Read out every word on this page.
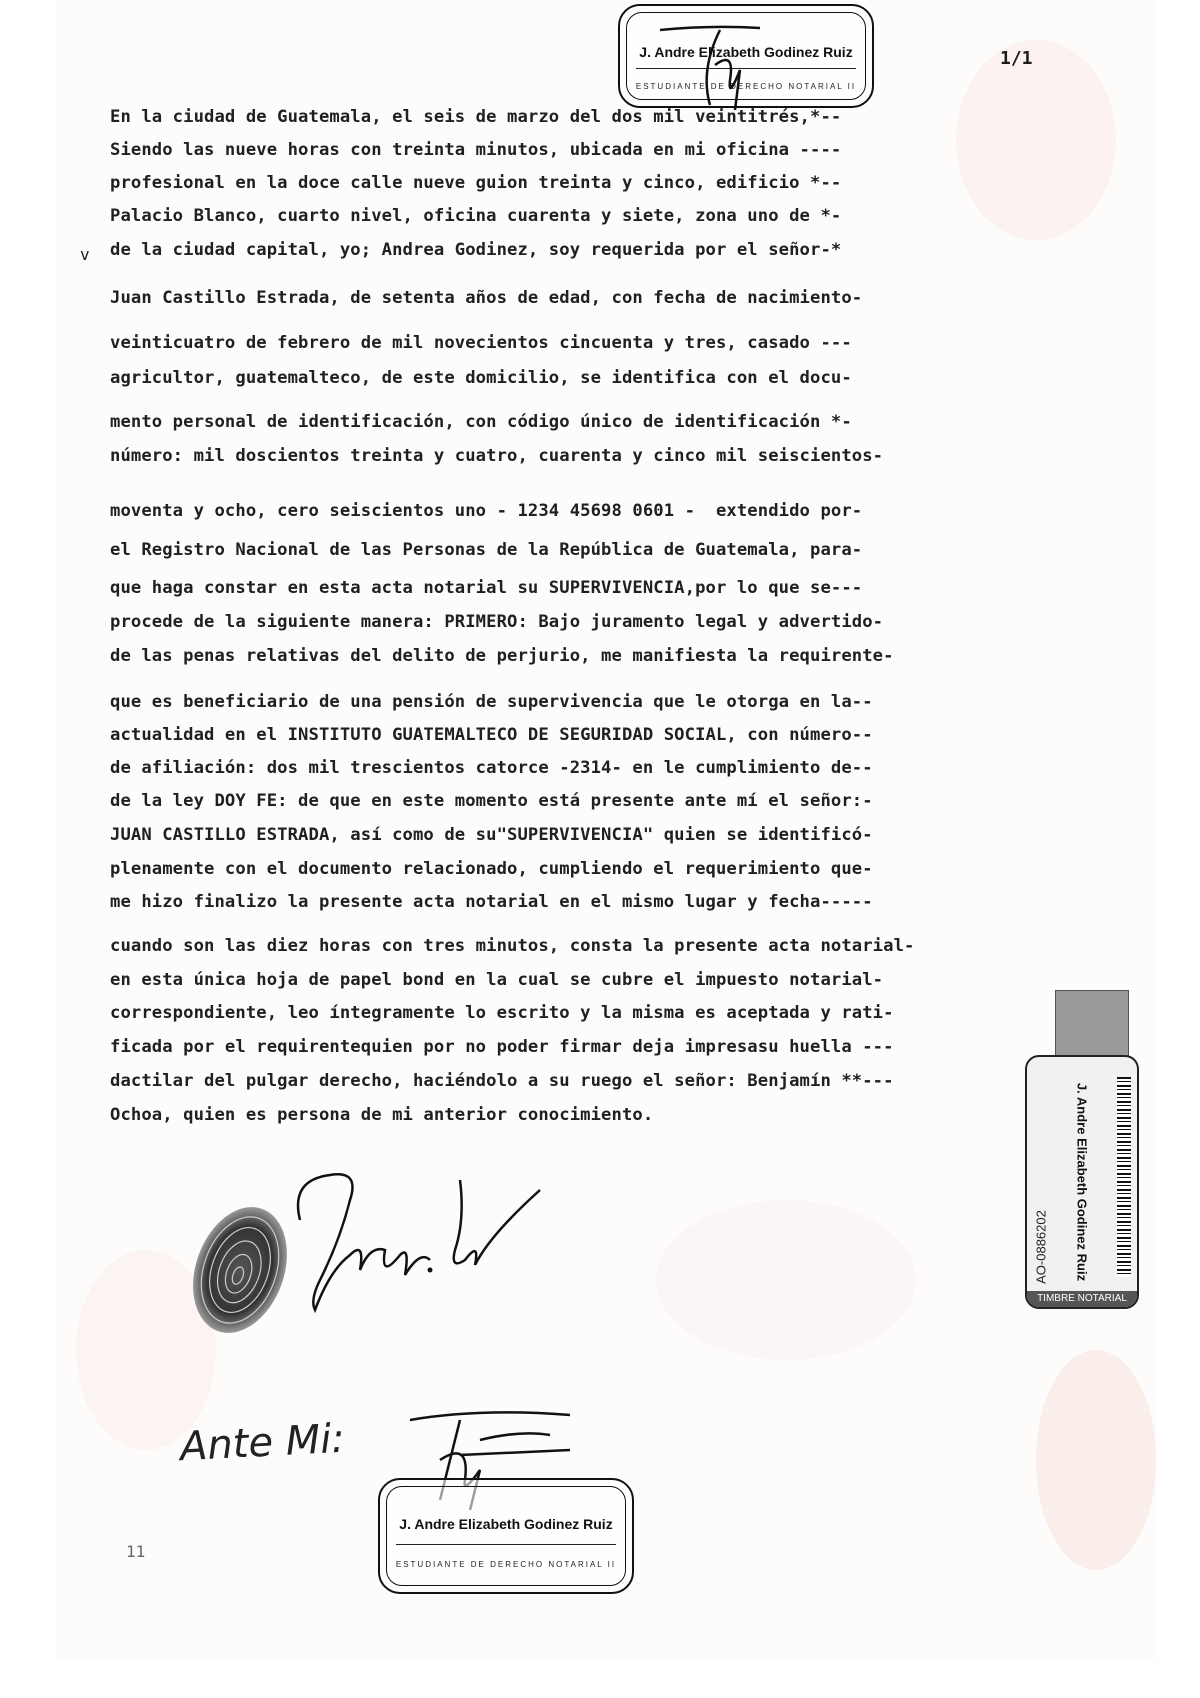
1/1
v
11
J. Andre Elizabeth Godinez Ruiz
ESTUDIANTE DE DERECHO NOTARIAL II
En la ciudad de Guatemala, el seis de marzo del dos mil veintitrés,*--
Siendo las nueve horas con treinta minutos, ubicada en mi oficina ----
profesional en la doce calle nueve guion treinta y cinco, edificio *--
Palacio Blanco, cuarto nivel, oficina cuarenta y siete, zona uno de *-
de la ciudad capital, yo; Andrea Godinez, soy requerida por el señor-*
Juan Castillo Estrada, de setenta años de edad, con fecha de nacimiento-
veinticuatro de febrero de mil novecientos cincuenta y tres, casado ---
agricultor, guatemalteco, de este domicilio, se identifica con el docu-
mento personal de identificación, con código único de identificación *-
número: mil doscientos treinta y cuatro, cuarenta y cinco mil seiscientos-
moventa y ocho, cero seiscientos uno - 1234 45698 0601 -  extendido por-
el Registro Nacional de las Personas de la República de Guatemala, para-
que haga constar en esta acta notarial su SUPERVIVENCIA,por lo que se---
procede de la siguiente manera: PRIMERO: Bajo juramento legal y advertido-
de las penas relativas del delito de perjurio, me manifiesta la requirente-
que es beneficiario de una pensión de supervivencia que le otorga en la--
actualidad en el INSTITUTO GUATEMALTECO DE SEGURIDAD SOCIAL, con número--
de afiliación: dos mil trescientos catorce -2314- en le cumplimiento de--
de la ley DOY FE: de que en este momento está presente ante mí el señor:-
JUAN CASTILLO ESTRADA, así como de su"SUPERVIVENCIA" quien se identificó-
plenamente con el documento relacionado, cumpliendo el requerimiento que-
me hizo finalizo la presente acta notarial en el mismo lugar y fecha-----
cuando son las diez horas con tres minutos, consta la presente acta notarial-
en esta única hoja de papel bond en la cual se cubre el impuesto notarial-
correspondiente, leo íntegramente lo escrito y la misma es aceptada y rati-
ficada por el requirentequien por no poder firmar deja impresasu huella ---
dactilar del pulgar derecho, haciéndolo a su ruego el señor: Benjamín **---
Ochoa, quien es persona de mi anterior conocimiento.
Ante Mi:
J. Andre Elizabeth Godinez Ruiz
ESTUDIANTE DE DERECHO NOTARIAL II
J. Andre Elizabeth Godinez Ruiz
AO-0886202
TIMBRE NOTARIAL
